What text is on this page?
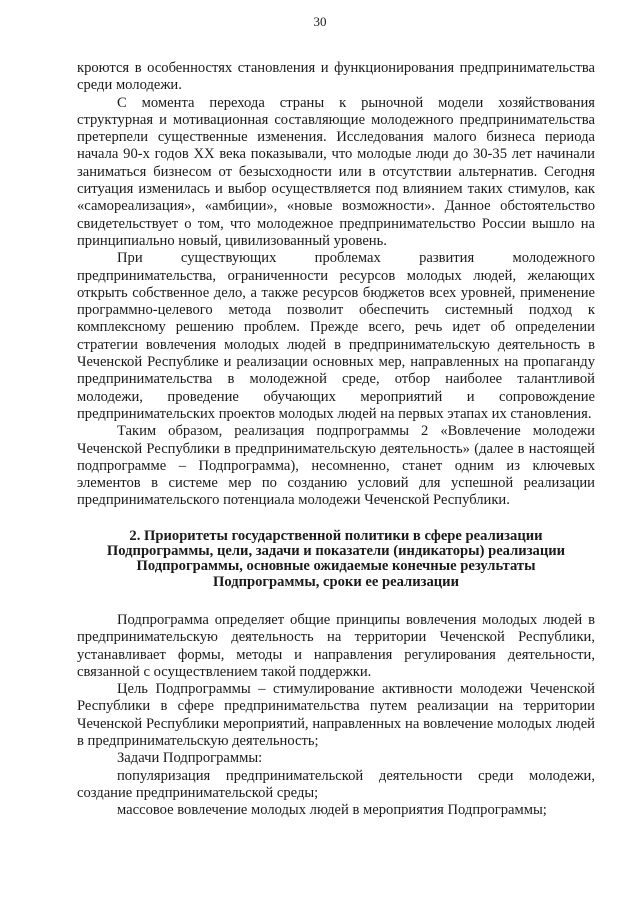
30

кроются в особенностях становления и функционирования предпринимательства среди молодежи.

С момента перехода страны к рыночной модели хозяйствования структурная и мотивационная составляющие молодежного предпринимательства претерпели существенные изменения. Исследования малого бизнеса периода начала 90-х годов XX века показывали, что молодые люди до 30-35 лет начинали заниматься бизнесом от безысходности или в отсутствии альтернатив. Сегодня ситуация изменилась и выбор осуществляется под влиянием таких стимулов, как «самореализация», «амбиции», «новые возможности». Данное обстоятельство свидетельствует о том, что молодежное предпринимательство России вышло на принципиально новый, цивилизованный уровень.

При существующих проблемах развития молодежного предпринимательства, ограниченности ресурсов молодых людей, желающих открыть собственное дело, а также ресурсов бюджетов всех уровней, применение программно-целевого метода позволит обеспечить системный подход к комплексному решению проблем. Прежде всего, речь идет об определении стратегии вовлечения молодых людей в предпринимательскую деятельность в Чеченской Республике и реализации основных мер, направленных на пропаганду предпринимательства в молодежной среде, отбор наиболее талантливой молодежи, проведение обучающих мероприятий и сопровождение предпринимательских проектов молодых людей на первых этапах их становления.

Таким образом, реализация подпрограммы 2 «Вовлечение молодежи Чеченской Республики в предпринимательскую деятельность» (далее в настоящей подпрограмме – Подпрограмма), несомненно, станет одним из ключевых элементов в системе мер по созданию условий для успешной реализации предпринимательского потенциала молодежи Чеченской Республики.

2. Приоритеты государственной политики в сфере реализации
Подпрограммы, цели, задачи и показатели (индикаторы) реализации
Подпрограммы, основные ожидаемые конечные результаты
Подпрограммы, сроки ее реализации

Подпрограмма определяет общие принципы вовлечения молодых людей в предпринимательскую деятельность на территории Чеченской Республики, устанавливает формы, методы и направления регулирования деятельности, связанной с осуществлением такой поддержки.

Цель Подпрограммы – стимулирование активности молодежи Чеченской Республики в сфере предпринимательства путем реализации на территории Чеченской Республики мероприятий, направленных на вовлечение молодых людей в предпринимательскую деятельность;

Задачи Подпрограммы:

популяризация предпринимательской деятельности среди молодежи, создание предпринимательской среды;

массовое вовлечение молодых людей в мероприятия Подпрограммы;
